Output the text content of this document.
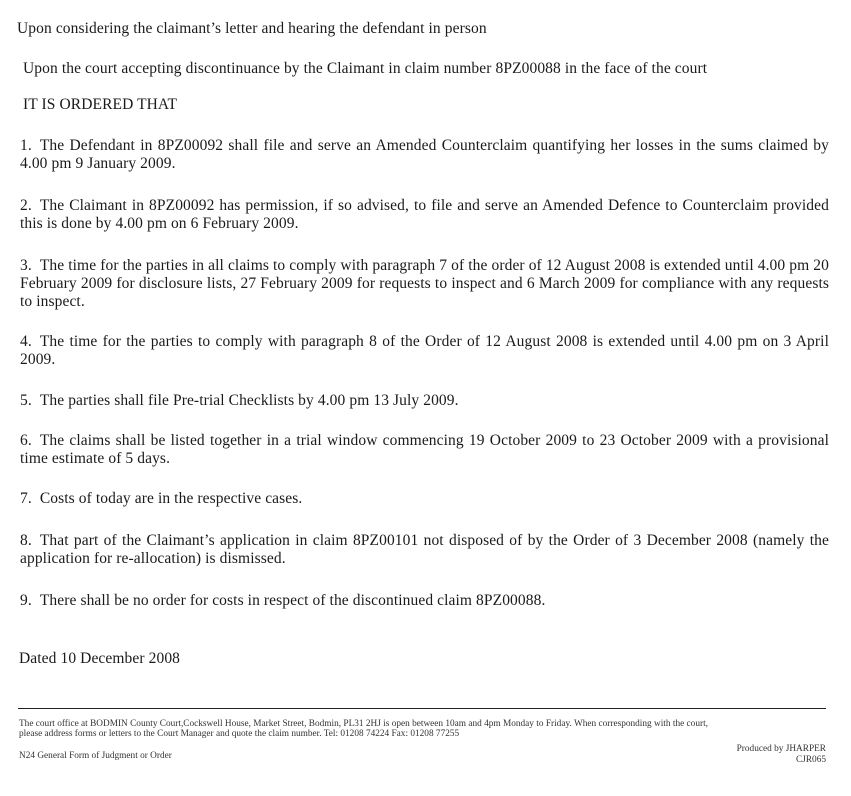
Upon considering the claimant’s letter and hearing the defendant in person
Upon the court accepting discontinuance by the Claimant in claim number 8PZ00088 in the face of the court
IT IS ORDERED THAT
1. The Defendant in 8PZ00092 shall file and serve an Amended Counterclaim quantifying her losses in the sums claimed by 4.00 pm 9 January 2009.
2. The Claimant in 8PZ00092 has permission, if so advised, to file and serve an Amended Defence to Counterclaim provided this is done by 4.00 pm on 6 February 2009.
3. The time for the parties in all claims to comply with paragraph 7 of the order of 12 August 2008 is extended until 4.00 pm 20 February 2009 for disclosure lists, 27 February 2009 for requests to inspect and 6 March 2009 for compliance with any requests to inspect.
4. The time for the parties to comply with paragraph 8 of the Order of 12 August 2008 is extended until 4.00 pm on 3 April 2009.
5. The parties shall file Pre-trial Checklists by 4.00 pm 13 July 2009.
6. The claims shall be listed together in a trial window commencing 19 October 2009 to 23 October 2009 with a provisional time estimate of 5 days.
7. Costs of today are in the respective cases.
8. That part of the Claimant’s application in claim 8PZ00101 not disposed of by the Order of 3 December 2008 (namely the application for re-allocation) is dismissed.
9. There shall be no order for costs in respect of the discontinued claim 8PZ00088.
Dated 10 December 2008
The court office at BODMIN County Court,Cockswell House, Market Street, Bodmin, PL31 2HJ is open between 10am and 4pm Monday to Friday. When corresponding with the court,
please address forms or letters to the Court Manager and quote the claim number. Tel: 01208 74224 Fax: 01208 77255
N24 General Form of Judgment or Order
Produced by JHARPER
CJR065
